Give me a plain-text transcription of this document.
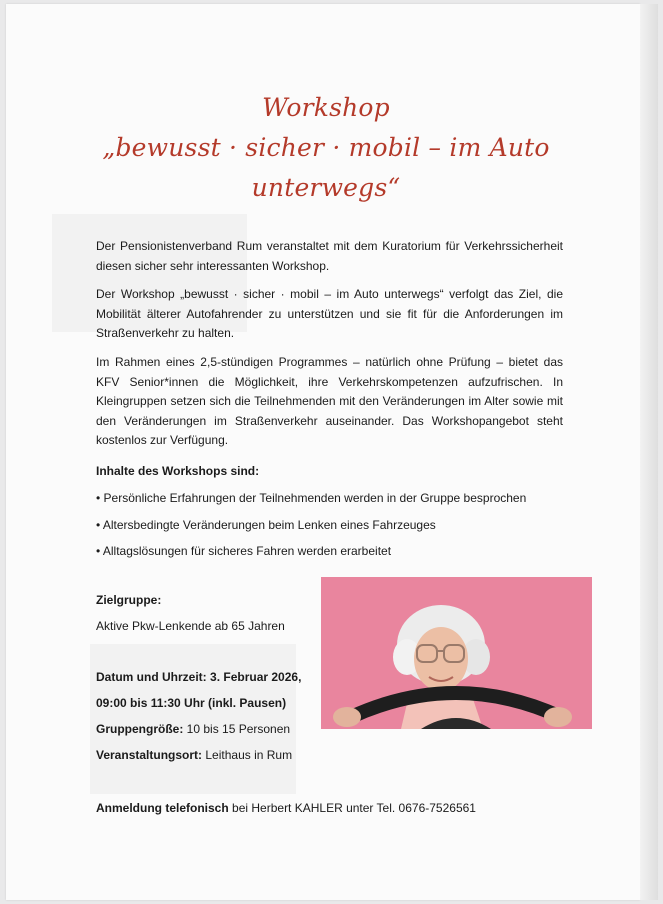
Workshop
„bewusst · sicher · mobil – im Auto
unterwegs“

Der Pensionistenverband Rum veranstaltet mit dem Kuratorium für Verkehrssicherheit diesen sicher sehr interessanten Workshop.

Der Workshop „bewusst · sicher · mobil – im Auto unterwegs“ verfolgt das Ziel, die Mobilität älterer Autofahrender zu unterstützen und sie fit für die Anforderungen im Straßenverkehr zu halten.

Im Rahmen eines 2,5-stündigen Programmes – natürlich ohne Prüfung – bietet das KFV Senior*innen die Möglichkeit, ihre Verkehrskompetenzen aufzufrischen. In Kleingruppen setzen sich die Teilnehmenden mit den Veränderungen im Alter sowie mit den Veränderungen im Straßenverkehr auseinander. Das Workshopangebot steht kostenlos zur Verfügung.

Inhalte des Workshops sind:
• Persönliche Erfahrungen der Teilnehmenden werden in der Gruppe besprochen
• Altersbedingte Veränderungen beim Lenken eines Fahrzeuges
• Alltagslösungen für sicheres Fahren werden erarbeitet
Zielgruppe:
Aktive Pkw-Lenkende ab 65 Jahren
Datum und Uhrzeit: 3. Februar 2026,
09:00 bis 11:30 Uhr (inkl. Pausen)
Gruppengröße: 10 bis 15 Personen
Veranstaltungsort: Leithaus in Rum
Anmeldung telefonisch bei Herbert KAHLER unter Tel. 0676-7526561
